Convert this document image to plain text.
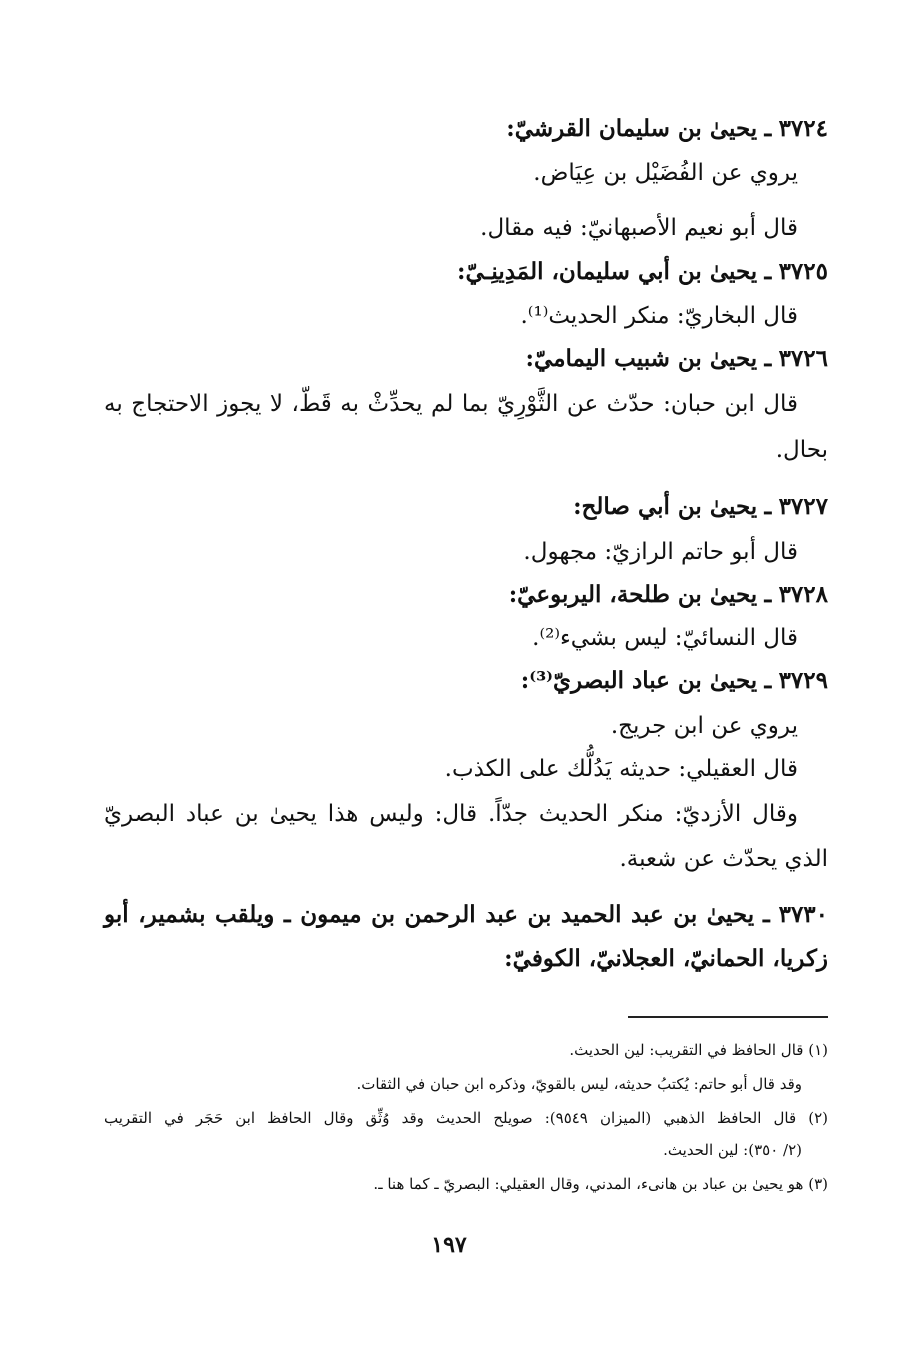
٣٧٢٤ ـ يحيىٰ بن سليمان القرشيّ:
يروي عن الفُضَيْل بن عِيَاض.
قال أبو نعيم الأصبهانيّ: فيه مقال.
٣٧٢٥ ـ يحيىٰ بن أبي سليمان، المَدِينِـيّ:
قال البخاريّ: منكر الحديث⁽¹⁾.
٣٧٢٦ ـ يحيىٰ بن شبيب اليماميّ:
قال ابن حبان: حدّث عن الثَّوْرِيّ بما لم يحدِّثْ به قَطّ، لا يجوز الاحتجاج به
بحال.
٣٧٢٧ ـ يحيىٰ بن أبي صالح:
قال أبو حاتم الرازيّ: مجهول.
٣٧٢٨ ـ يحيىٰ بن طلحة، اليربوعيّ:
قال النسائيّ: ليس بشيء⁽²⁾.
٣٧٢٩ ـ يحيىٰ بن عباد البصريّ⁽³⁾:
يروي عن ابن جريج.
قال العقيلي: حديثه يَدُلُّك على الكذب.
وقال الأزديّ: منكر الحديث جدّاً. قال: وليس هذا يحيىٰ بن عباد البصريّ
الذي يحدّث عن شعبة.
٣٧٣٠ ـ يحيىٰ بن عبد الحميد بن عبد الرحمن بن ميمون ـ ويلقب بشمير، أبو
زكريا، الحمانيّ، العجلانيّ، الكوفيّ:
(١) قال الحافظ في التقريب: لين الحديث.
وقد قال أبو حاتم: يُكتبُ حديثه، ليس بالقويّ، وذكره ابن حبان في الثقات.
(٢) قال الحافظ الذهبي (الميزان ٩٥٤٩): صويلح الحديث وقد وُثِّق وقال الحافظ ابن حَجَر في التقريب
(٢/ ٣٥٠): لين الحديث.
(٣) هو يحيىٰ بن عباد بن هانىء، المدني، وقال العقيلي: البصريّ ـ كما هنا ـ.
١٩٧
